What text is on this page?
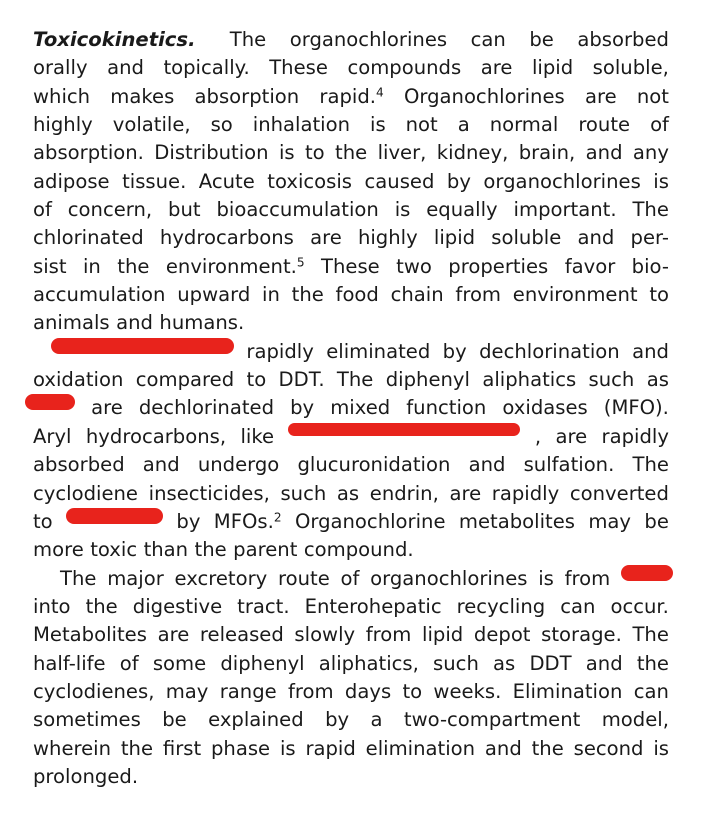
Toxicokinetics. The organochlorines can be absorbed
orally and topically. These compounds are lipid soluble,
which makes absorption rapid.$^4$ Organochlorines are not
highly volatile, so inhalation is not a normal route of
absorption. Distribution is to the liver, kidney, brain, and any
adipose tissue. Acute toxicosis caused by organochlorines is
of concern, but bioaccumulation is equally important. The
chlorinated hydrocarbons are highly lipid soluble and per-
sist in the environment.$^5$ These two properties favor bio-
accumulation upward in the food chain from environment to
animals and humans.
rapidly eliminated by dechlorination and
oxidation compared to DDT. The diphenyl aliphatics such as
are dechlorinated by mixed function oxidases (MFO).
Aryl hydrocarbons, like	, are rapidly
absorbed and undergo glucuronidation and sulfation. The
cyclodiene insecticides, such as endrin, are rapidly converted
to	by MFOs.$^2$ Organochlorine metabolites may be
more toxic than the parent compound.
The major excretory route of organochlorines is from
into the digestive tract. Enterohepatic recycling can occur.
Metabolites are released slowly from lipid depot storage. The
half-life of some diphenyl aliphatics, such as DDT and the
cyclodienes, may range from days to weeks. Elimination can
sometimes be explained by a two-compartment model,
wherein the first phase is rapid elimination and the second is
prolonged.
